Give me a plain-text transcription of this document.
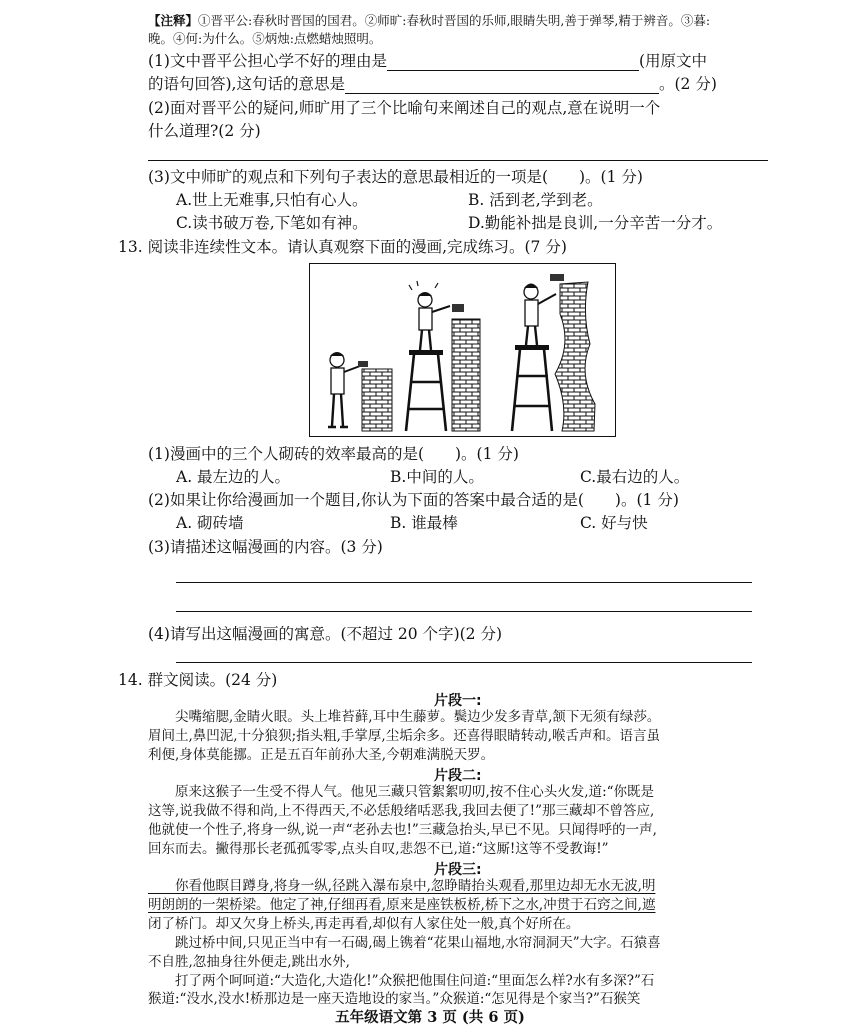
【注释】①晋平公:春秋时晋国的国君。②师旷:春秋时晋国的乐师,眼睛失明,善于弹琴,精于辨音。③暮:
晚。④何:为什么。⑤炳烛:点燃蜡烛照明。
(1)文中晋平公担心学不好的理由是	(用原文中
的语句回答),这句话的意思是	。(2 分)
(2)面对晋平公的疑问,师旷用了三个比喻句来阐述自己的观点,意在说明一个
什么道理?(2 分)
(3)文中师旷的观点和下列句子表达的意思最相近的一项是(　　)。(1 分)
A.世上无难事,只怕有心人。	B. 活到老,学到老。
C.读书破万卷,下笔如有神。	D.勤能补拙是良训,一分辛苦一分才。
13. 阅读非连续性文本。请认真观察下面的漫画,完成练习。(7 分)
(1)漫画中的三个人砌砖的效率最高的是(　　)。(1 分)
A. 最左边的人。	B.中间的人。	C.最右边的人。
(2)如果让你给漫画加一个题目,你认为下面的答案中最合适的是(　　)。(1 分)
A. 砌砖墙	B. 谁最棒	C. 好与快
(3)请描述这幅漫画的内容。(3 分)
(4)请写出这幅漫画的寓意。(不超过 20 个字)(2 分)
14. 群文阅读。(24 分)
片段一:
　　尖嘴缩腮,金睛火眼。头上堆苔藓,耳中生藤萝。鬓边少发多青草,颔下无须有绿莎。
眉间土,鼻凹泥,十分狼狈;指头粗,手掌厚,尘垢余多。还喜得眼睛转动,喉舌声和。语言虽
利便,身体莫能挪。正是五百年前孙大圣,今朝难满脱天罗。
片段二:
　　原来这猴子一生受不得人气。他见三藏只管絮絮叨叨,按不住心头火发,道:“你既是
这等,说我做不得和尚,上不得西天,不必恁般绪咶恶我,我回去便了!”那三藏却不曾答应,
他就使一个性子,将身一纵,说一声“老孙去也!”三藏急抬头,早已不见。只闻得呼的一声,
回东而去。撇得那长老孤孤零零,点头自叹,悲怨不已,道:“这厮!这等不受教诲!”
片段三:
　　你看他瞑目蹲身,将身一纵,径跳入瀑布泉中,忽睁睛抬头观看,那里边却无水无波,明
明朗朗的一架桥梁。他定了神,仔细再看,原来是座铁板桥,桥下之水,冲贯于石窍之间,遮
闭了桥门。却又欠身上桥头,再走再看,却似有人家住处一般,真个好所在。
　　跳过桥中间,只见正当中有一石碣,碣上镌着“花果山福地,水帘洞洞天”大字。石猿喜
不自胜,忽抽身往外便走,跳出水外,
　　打了两个呵呵道:“大造化,大造化!”众猴把他围住问道:“里面怎么样?水有多深?”石
猴道:“没水,没水!桥那边是一座天造地设的家当。”众猴道:“怎见得是个家当?”石猴笑
五年级语文第 3 页 (共 6 页)
